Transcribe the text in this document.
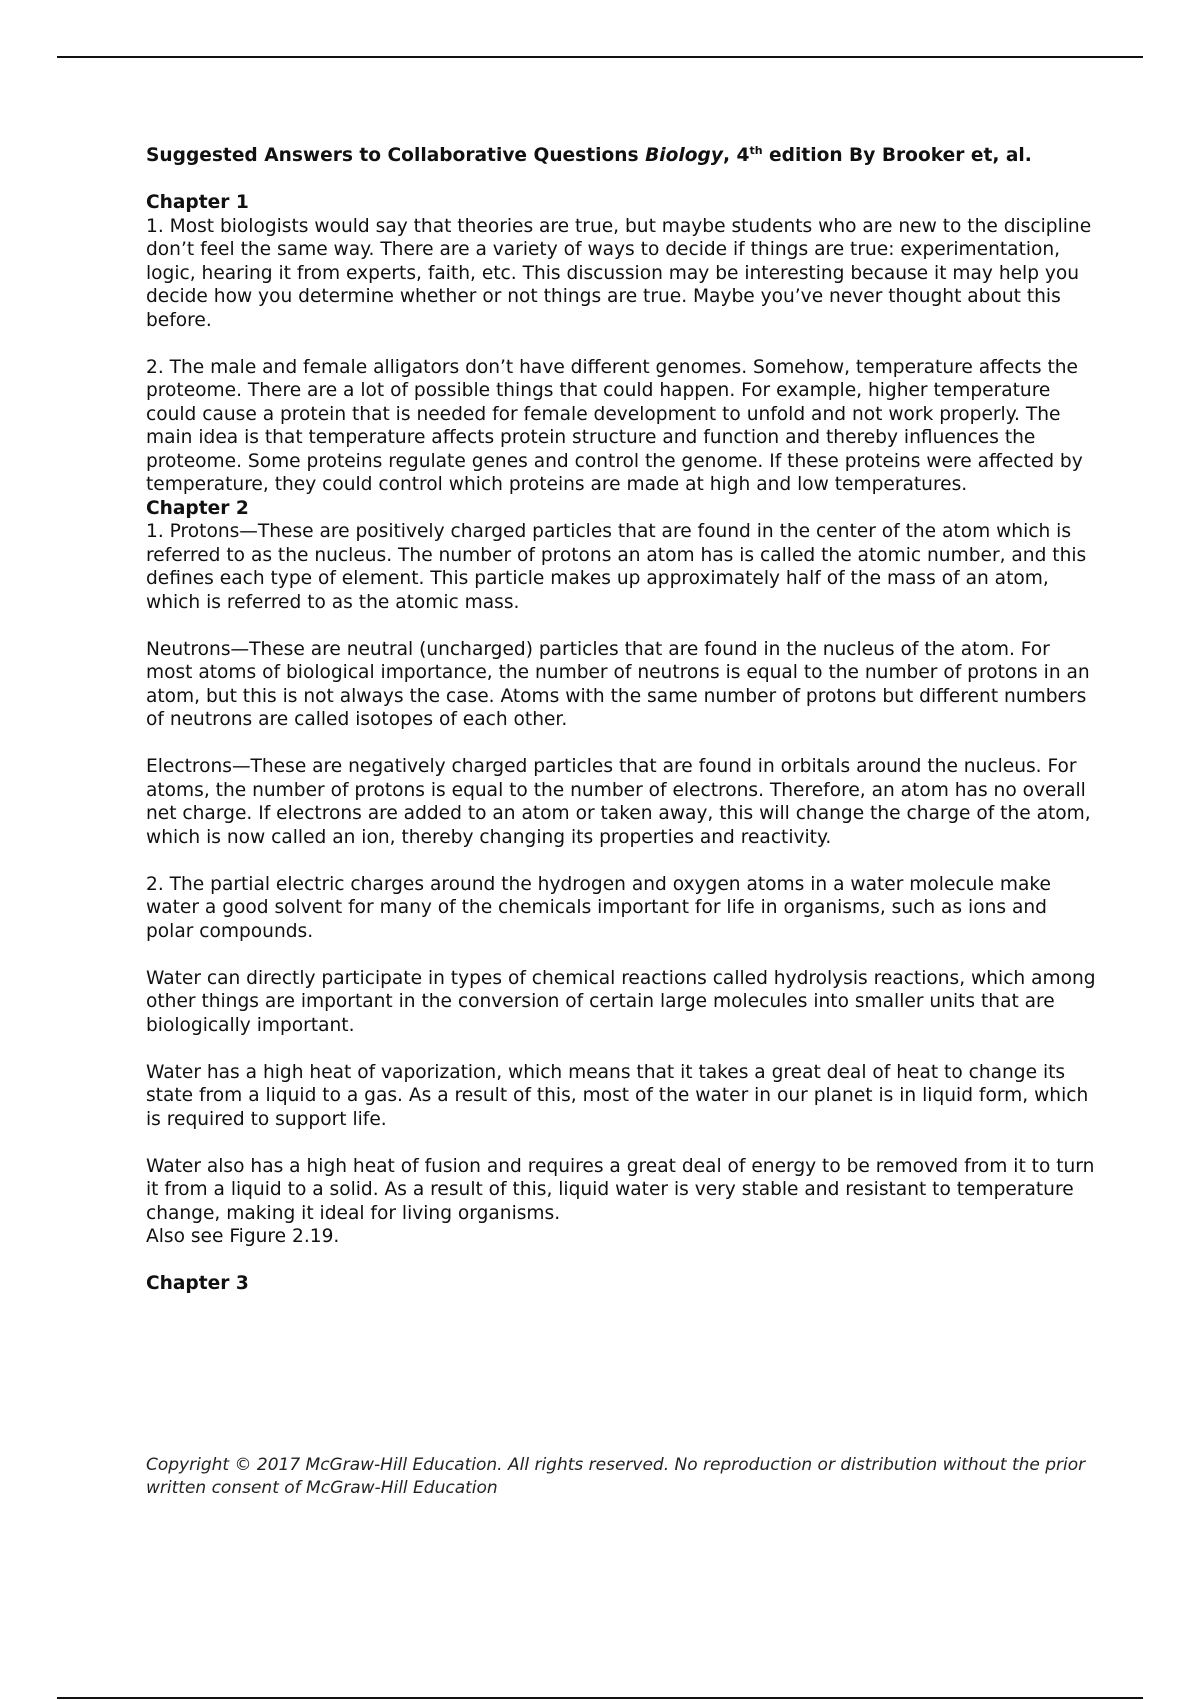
Suggested Answers to Collaborative Questions Biology, 4th edition By Brooker et, al.
Chapter 1

1. Most biologists would say that theories are true, but maybe students who are new to the discipline don’t feel the same way. There are a variety of ways to decide if things are true: experimentation, logic, hearing it from experts, faith, etc. This discussion may be interesting because it may help you decide how you determine whether or not things are true. Maybe you’ve never thought about this before.

2. The male and female alligators don’t have different genomes. Somehow, temperature affects the proteome. There are a lot of possible things that could happen. For example, higher temperature could cause a protein that is needed for female development to unfold and not work properly. The main idea is that temperature affects protein structure and function and thereby influences the proteome. Some proteins regulate genes and control the genome. If these proteins were affected by temperature, they could control which proteins are made at high and low temperatures.

Chapter 2

1. Protons—These are positively charged particles that are found in the center of the atom which is referred to as the nucleus. The number of protons an atom has is called the atomic number, and this defines each type of element. This particle makes up approximately half of the mass of an atom, which is referred to as the atomic mass.

Neutrons—These are neutral (uncharged) particles that are found in the nucleus of the atom. For most atoms of biological importance, the number of neutrons is equal to the number of protons in an atom, but this is not always the case. Atoms with the same number of protons but different numbers of neutrons are called isotopes of each other.

Electrons—These are negatively charged particles that are found in orbitals around the nucleus. For atoms, the number of protons is equal to the number of electrons. Therefore, an atom has no overall net charge. If electrons are added to an atom or taken away, this will change the charge of the atom, which is now called an ion, thereby changing its properties and reactivity.

2. The partial electric charges around the hydrogen and oxygen atoms in a water molecule make water a good solvent for many of the chemicals important for life in organisms, such as ions and polar compounds.

Water can directly participate in types of chemical reactions called hydrolysis reactions, which among other things are important in the conversion of certain large molecules into smaller units that are biologically important.

Water has a high heat of vaporization, which means that it takes a great deal of heat to change its state from a liquid to a gas. As a result of this, most of the water in our planet is in liquid form, which is required to support life.

Water also has a high heat of fusion and requires a great deal of energy to be removed from it to turn it from a liquid to a solid. As a result of this, liquid water is very stable and resistant to temperature change, making it ideal for living organisms.

Also see Figure 2.19.

Chapter 3
Copyright © 2017 McGraw-Hill Education. All rights reserved. No reproduction or distribution without the prior written consent of McGraw-Hill Education
